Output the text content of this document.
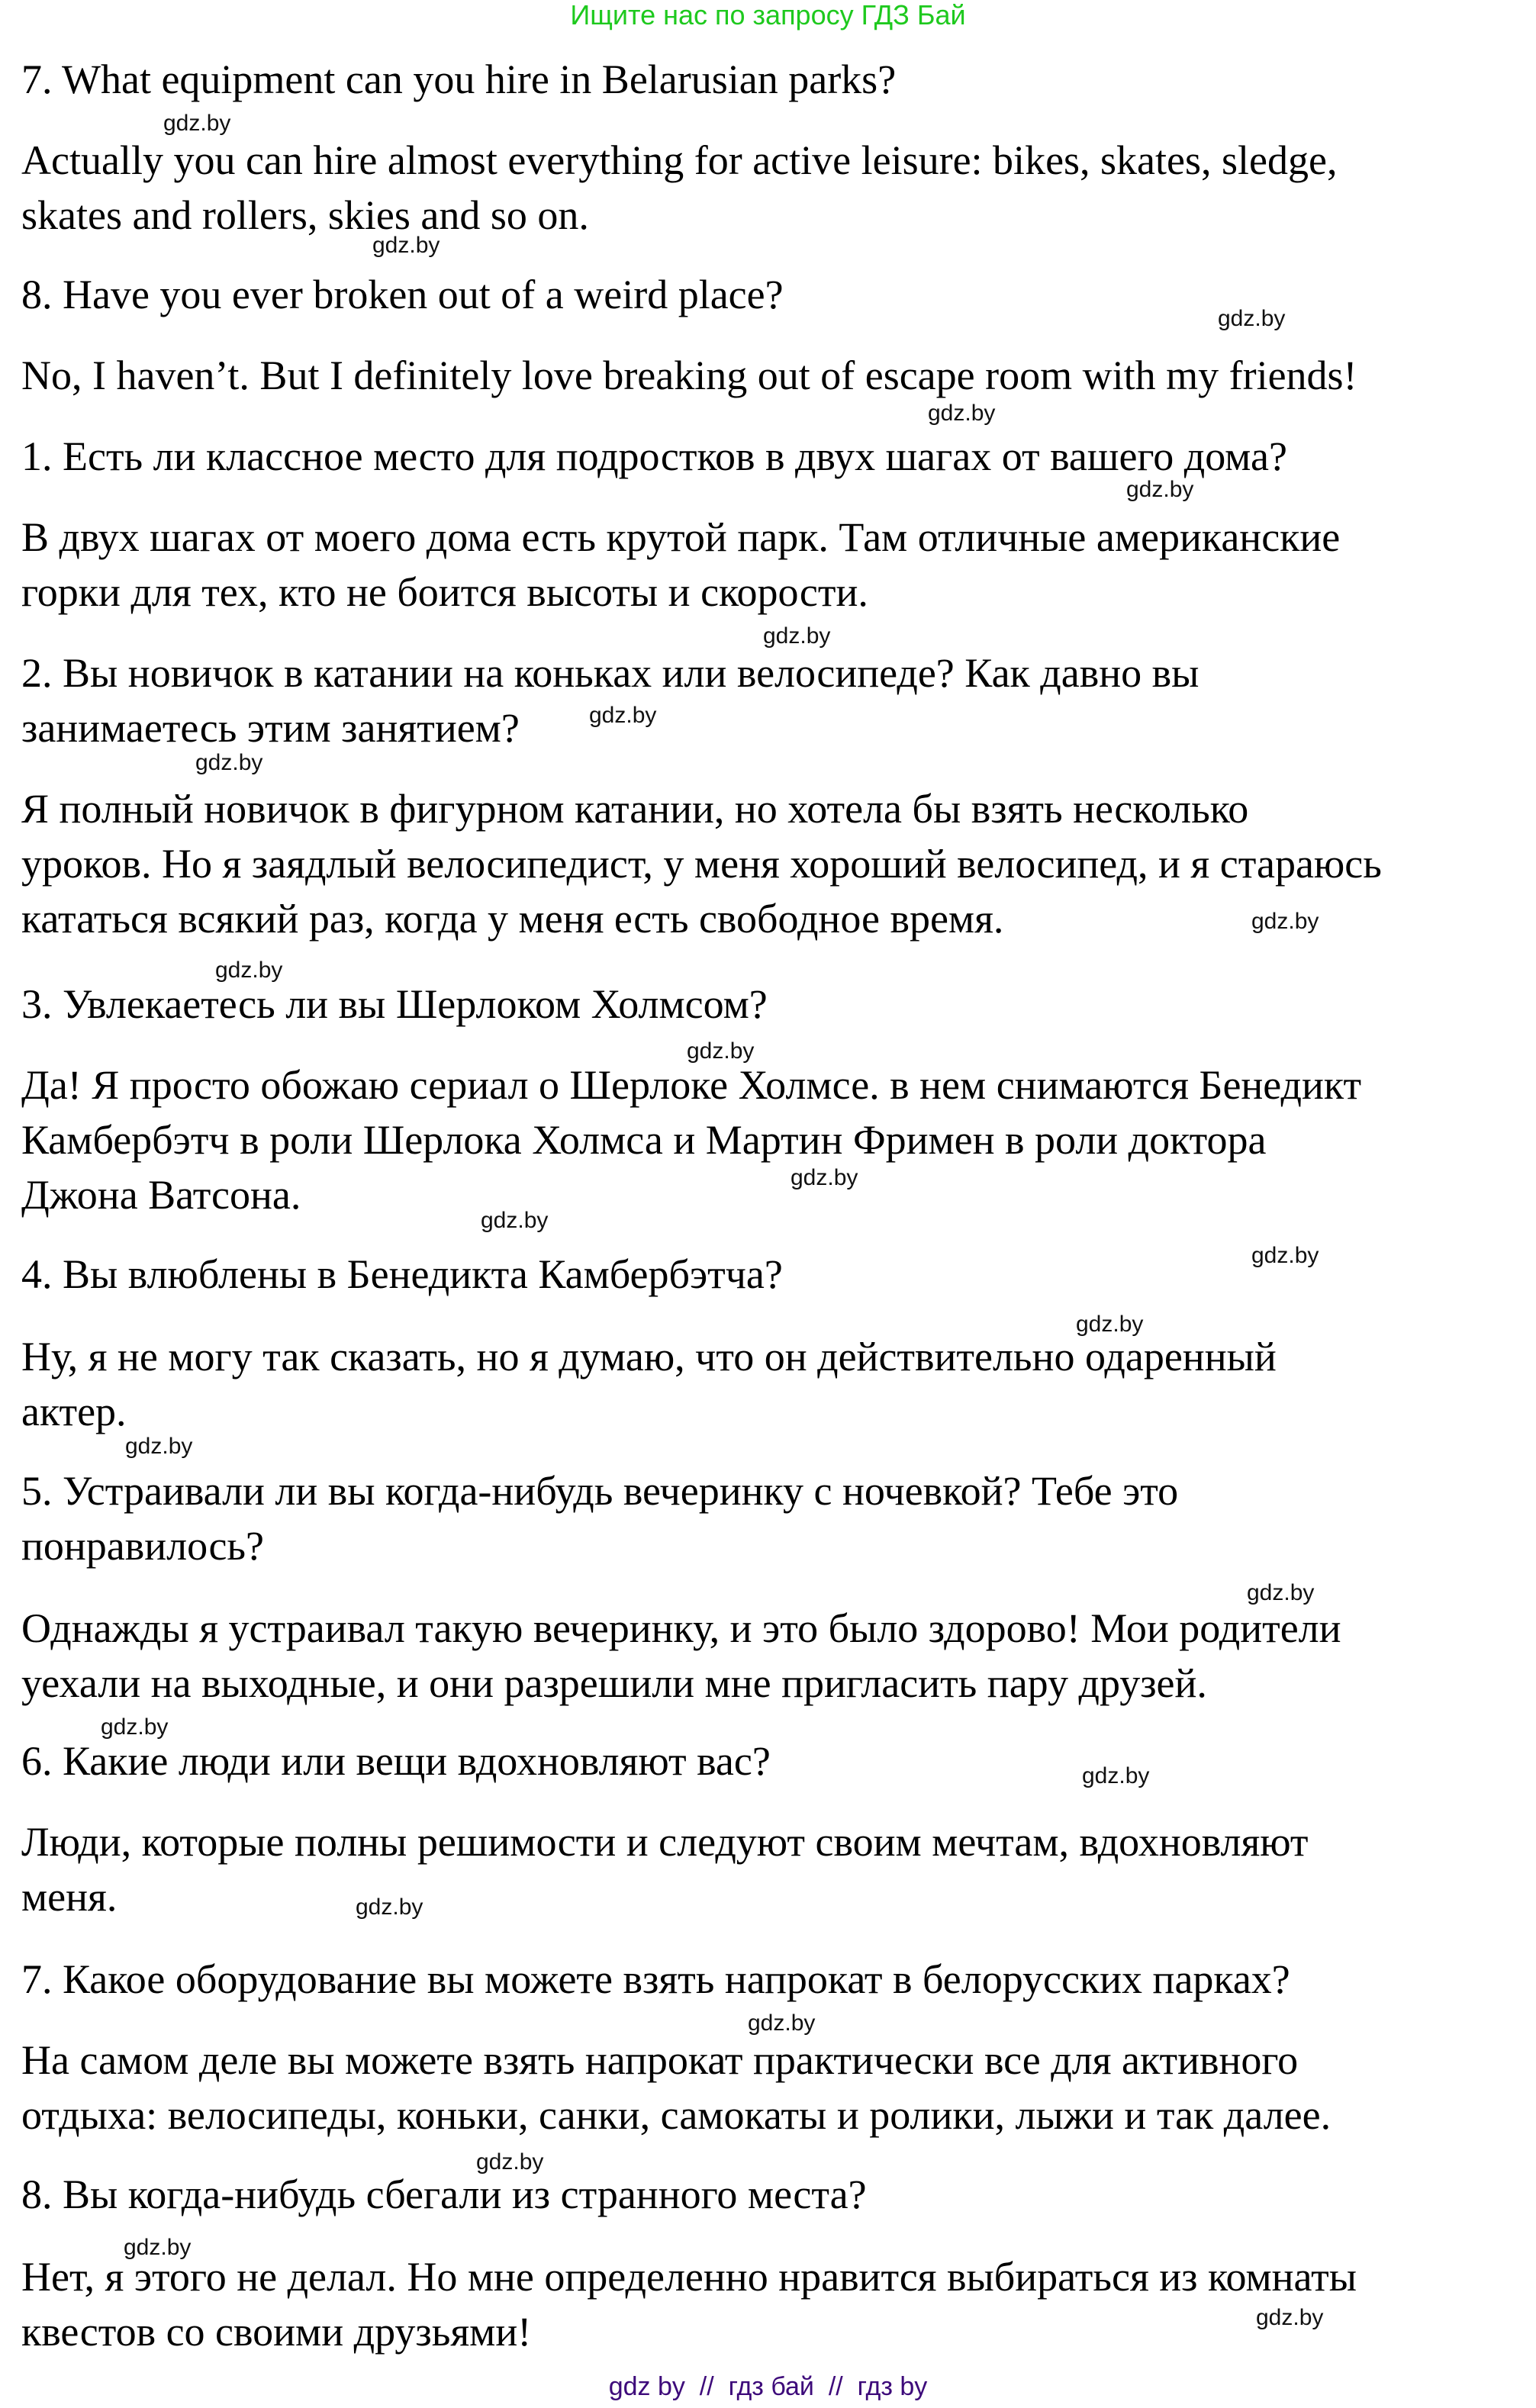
Ищите нас по запросу ГДЗ Бай
7. What equipment can you hire in Belarusian parks?
gdz.by
Actually you can hire almost everything for active leisure: bikes, skates, sledge,
skates and rollers, skies and so on.
gdz.by
8. Have you ever broken out of a weird place?
gdz.by
No, I haven’t. But I definitely love breaking out of escape room with my friends!
gdz.by
1. Есть ли классное место для подростков в двух шагах от вашего дома?
gdz.by
В двух шагах от моего дома есть крутой парк. Там отличные американские
горки для тех, кто не боится высоты и скорости.
gdz.by
2. Вы новичок в катании на коньках или велосипеде? Как давно вы
занимаетесь этим занятием?	gdz.by
gdz.by
Я полный новичок в фигурном катании, но хотела бы взять несколько
уроков. Но я заядлый велосипедист, у меня хороший велосипед, и я стараюсь
кататься всякий раз, когда у меня есть свободное время.	gdz.by
gdz.by
3. Увлекаетесь ли вы Шерлоком Холмсом?
gdz.by
Да! Я просто обожаю сериал о Шерлоке Холмсе. в нем снимаются Бенедикт
Камбербэтч в роли Шерлока Холмса и Мартин Фримен в роли доктора
gdz.by
Джона Ватсона.
gdz.by
gdz.by
4. Вы влюблены в Бенедикта Камбербэтча?
gdz.by
Ну, я не могу так сказать, но я думаю, что он действительно одаренный
актер.
gdz.by
5. Устраивали ли вы когда-нибудь вечеринку с ночевкой? Тебе это
понравилось?
gdz.by
Однажды я устраивал такую вечеринку, и это было здорово! Мои родители
уехали на выходные, и они разрешили мне пригласить пару друзей.
gdz.by
6. Какие люди или вещи вдохновляют вас?	gdz.by
Люди, которые полны решимости и следуют своим мечтам, вдохновляют
меня.	gdz.by
7. Какое оборудование вы можете взять напрокат в белорусских парках?
gdz.by
На самом деле вы можете взять напрокат практически все для активного
отдыха: велосипеды, коньки, санки, самокаты и ролики, лыжи и так далее.
gdz.by
8. Вы когда-нибудь сбегали из странного места?
gdz.by
Нет, я этого не делал. Но мне определенно нравится выбираться из комнаты
квестов со своими друзьями!	gdz.by
gdz by  //  гдз бай  //  гдз by
